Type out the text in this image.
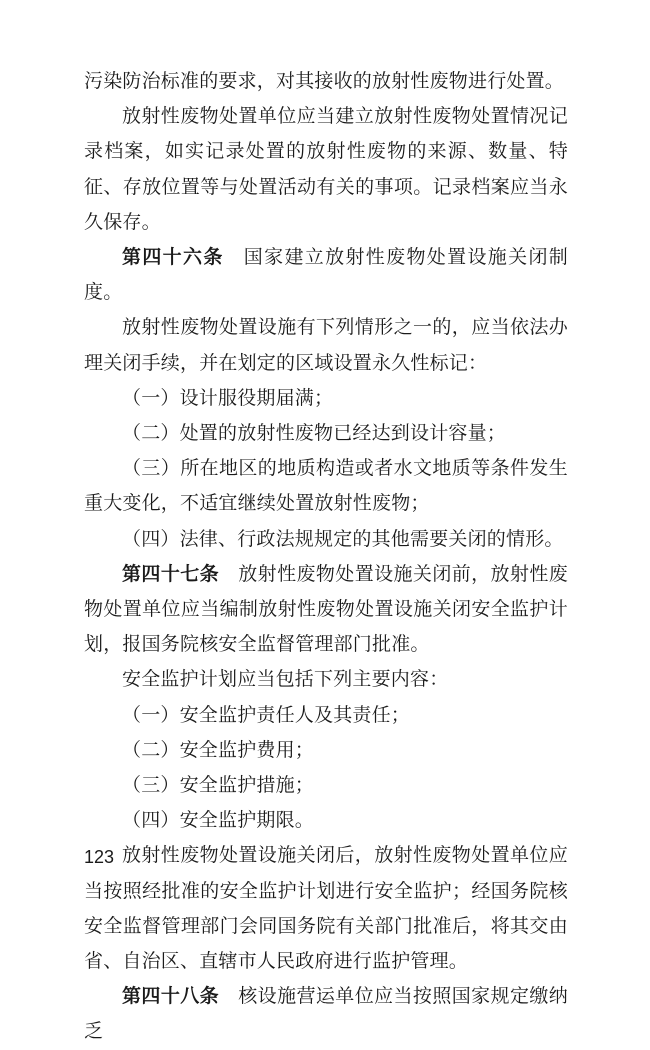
污染防治标准的要求，对其接收的放射性废物进行处置。

放射性废物处置单位应当建立放射性废物处置情况记录档案，如实记录处置的放射性废物的来源、数量、特征、存放位置等与处置活动有关的事项。记录档案应当永久保存。

第四十六条 国家建立放射性废物处置设施关闭制度。

放射性废物处置设施有下列情形之一的，应当依法办理关闭手续，并在划定的区域设置永久性标记：

（一）设计服役期届满；

（二）处置的放射性废物已经达到设计容量；

（三）所在地区的地质构造或者水文地质等条件发生重大变化，不适宜继续处置放射性废物；

（四）法律、行政法规规定的其他需要关闭的情形。

第四十七条 放射性废物处置设施关闭前，放射性废物处置单位应当编制放射性废物处置设施关闭安全监护计划，报国务院核安全监督管理部门批准。

安全监护计划应当包括下列主要内容：

（一）安全监护责任人及其责任；

（二）安全监护费用；

（三）安全监护措施；

（四）安全监护期限。

放射性废物处置设施关闭后，放射性废物处置单位应当按照经批准的安全监护计划进行安全监护；经国务院核安全监督管理部门会同国务院有关部门批准后，将其交由省、自治区、直辖市人民政府进行监护管理。

第四十八条 核设施营运单位应当按照国家规定缴纳乏

123
